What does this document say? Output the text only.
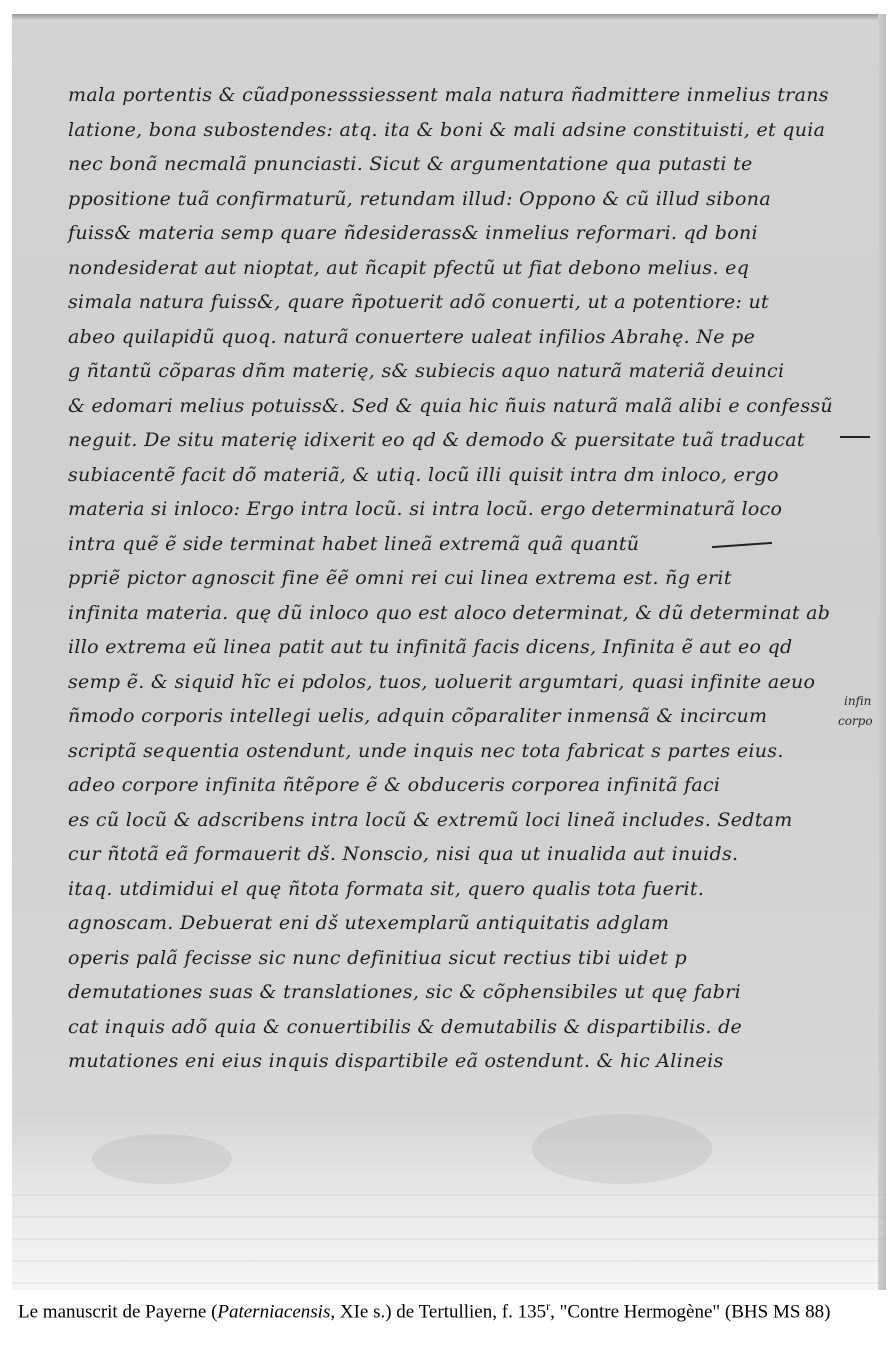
mala portentis & cũadponesssiessent mala natura ñadmittere inmelius trans
latione, bona subostendes: atq. ita & boni & mali adsine constituisti, et quia
nec bonã necmalã pnunciasti. Sicut & argumentatione qua putasti te
ppositione tuã confirmaturũ, retundam illud: Oppono & cũ illud sibona
fuiss& materia semp quare ñdesiderass& inmelius reformari. qd boni
nondesiderat aut nioptat, aut ñcapit pfectũ ut fiat debono melius. eq
simala natura fuiss&, quare ñpotuerit adõ conuerti, ut a potentiore: ut
abeo quilapidũ quoq. naturã conuertere ualeat infilios Abrahę. Ne pe
g ñtantũ cõparas dñm materię, s& subiecis aquo naturã materiã deuinci
& edomari melius potuiss&. Sed & quia hic ñuis naturã malã alibi e confessũ
neguit. De situ materię idixerit eo qd & demodo & puersitate tuã traducat
subiacentẽ facit dõ materiã, & utiq. locũ illi quisit intra dm inloco, ergo
materia si inloco: Ergo intra locũ. si intra locũ. ergo determinaturã loco
intra quẽ ẽ side terminat habet lineã extremã quã quantũ
ppriẽ pictor agnoscit fine ẽẽ omni rei cui linea extrema est. ñg erit
infinita materia. quę dũ inloco quo est aloco determinat, & dũ determinat ab
illo extrema eũ linea patit aut tu infinitã facis dicens, Infinita ẽ aut eo qd
semp ẽ. & siquid hĩc ei pdolos, tuos, uoluerit argumtari, quasi infinite aeuo
ñmodo corporis intellegi uelis, adquin cõparaliter inmensã & incircum
scriptã sequentia ostendunt, unde inquis nec tota fabricat s partes eius.
adeo corpore infinita ñtẽpore ẽ & obduceris corporea infinitã faci
es cũ locũ & adscribens intra locũ & extremũ loci lineã includes. Sedtam
cur ñtotã eã formauerit dš. Nonscio, nisi qua ut inualida aut inuids.
itaq. utdimidui el quę ñtota formata sit, quero qualis tota fuerit.
agnoscam. Debuerat eni dš utexemplarũ antiquitatis adglam
operis palã fecisse sic nunc definitiua sicut rectius tibi uidet p
demutationes suas & translationes, sic & cõphensibiles ut quę fabri
cat inquis adõ quia & conuertibilis & demutabilis & dispartibilis. de
mutationes eni eius inquis dispartibile eã ostendunt. & hic Alineis
infin
corpo
Le manuscrit de Payerne (Paterniacensis, XIe s.) de Tertullien, f. 135$^r$, "Contre Hermogène" (BHS MS 88)
